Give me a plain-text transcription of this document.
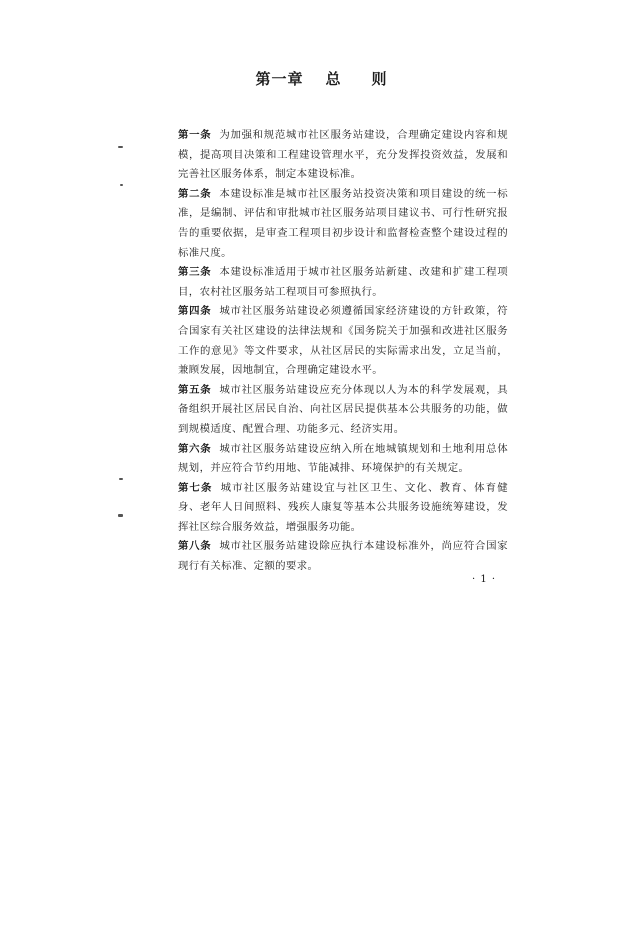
第一章 总 则

第一条 为加强和规范城市社区服务站建设，合理确定建设内容和规模，提高项目决策和工程建设管理水平，充分发挥投资效益，发展和完善社区服务体系，制定本建设标准。

第二条 本建设标准是城市社区服务站投资决策和项目建设的统一标准，是编制、评估和审批城市社区服务站项目建议书、可行性研究报告的重要依据，是审查工程项目初步设计和监督检查整个建设过程的标准尺度。

第三条 本建设标准适用于城市社区服务站新建、改建和扩建工程项目，农村社区服务站工程项目可参照执行。

第四条 城市社区服务站建设必须遵循国家经济建设的方针政策，符合国家有关社区建设的法律法规和《国务院关于加强和改进社区服务工作的意见》等文件要求，从社区居民的实际需求出发，立足当前，兼顾发展，因地制宜，合理确定建设水平。

第五条 城市社区服务站建设应充分体现以人为本的科学发展观，具备组织开展社区居民自治、向社区居民提供基本公共服务的功能，做到规模适度、配置合理、功能多元、经济实用。

第六条 城市社区服务站建设应纳入所在地城镇规划和土地利用总体规划，并应符合节约用地、节能减排、环境保护的有关规定。

第七条 城市社区服务站建设宜与社区卫生、文化、教育、体育健身、老年人日间照料、残疾人康复等基本公共服务设施统筹建设，发挥社区综合服务效益，增强服务功能。

第八条 城市社区服务站建设除应执行本建设标准外，尚应符合国家现行有关标准、定额的要求。

· 1 ·
